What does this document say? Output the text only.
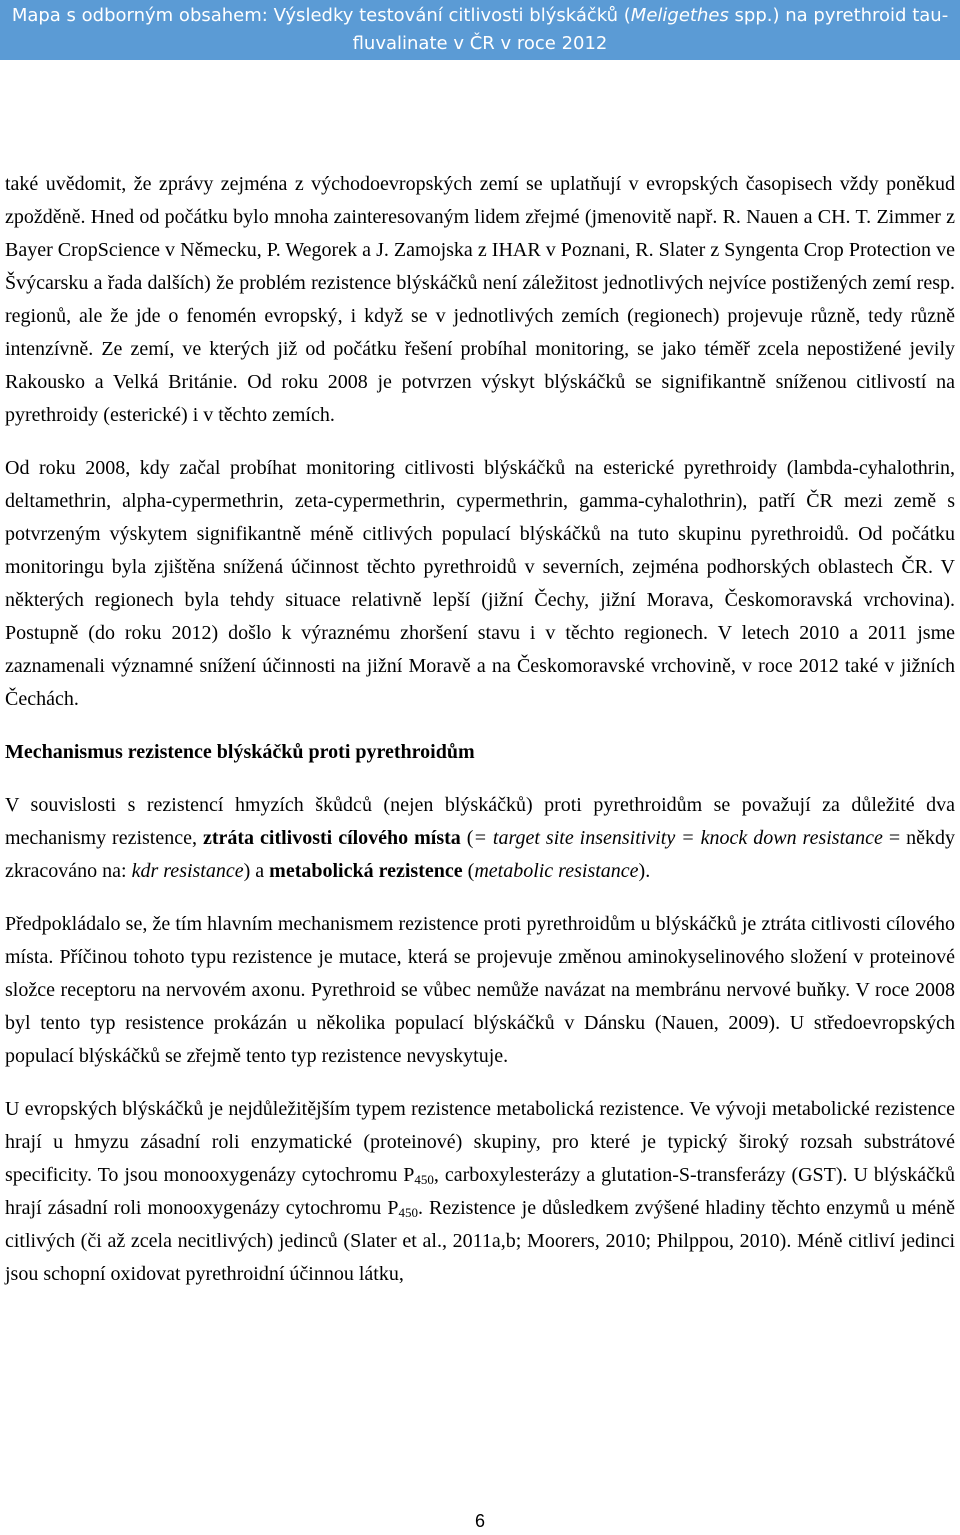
Mapa s odborným obsahem: Výsledky testování citlivosti blýskáčků (Meligethes spp.) na pyrethroid tau-
fluvalinate v ČR v roce 2012

také uvědomit, že zprávy zejména z východoevropských zemí se uplatňují v evropských časopisech vždy poněkud zpožděně. Hned od počátku bylo mnoha zainteresovaným lidem zřejmé (jmenovitě např. R. Nauen a CH. T. Zimmer z Bayer CropScience v Německu, P. Wegorek a J. Zamojska z IHAR v Poznani, R. Slater z Syngenta Crop Protection ve Švýcarsku a řada dalších) že problém rezistence blýskáčků není záležitost jednotlivých nejvíce postižených zemí resp. regionů, ale že jde o fenomén evropský, i když se v jednotlivých zemích (regionech) projevuje různě, tedy různě intenzívně. Ze zemí, ve kterých již od počátku řešení probíhal monitoring, se jako téměř zcela nepostižené jevily Rakousko a Velká Británie. Od roku 2008 je potvrzen výskyt blýskáčků se signifikantně sníženou citlivostí na pyrethroidy (esterické) i v těchto zemích.

Od roku 2008, kdy začal probíhat monitoring citlivosti blýskáčků na esterické pyrethroidy (lambda-cyhalothrin, deltamethrin, alpha-cypermethrin, zeta-cypermethrin, cypermethrin, gamma-cyhalothrin), patří ČR mezi země s potvrzeným výskytem signifikantně méně citlivých populací blýskáčků na tuto skupinu pyrethroidů. Od počátku monitoringu byla zjištěna snížená účinnost těchto pyrethroidů v severních, zejména podhorských oblastech ČR. V některých regionech byla tehdy situace relativně lepší (jižní Čechy, jižní Morava, Českomoravská vrchovina). Postupně (do roku 2012) došlo k výraznému zhoršení stavu i v těchto regionech. V letech 2010 a 2011 jsme zaznamenali významné snížení účinnosti na jižní Moravě a na Českomoravské vrchovině, v roce 2012 také v jižních Čechách.

Mechanismus rezistence blýskáčků proti pyrethroidům

V souvislosti s rezistencí hmyzích škůdců (nejen blýskáčků) proti pyrethroidům se považují za důležité dva mechanismy rezistence, ztráta citlivosti cílového místa (= target site insensitivity = knock down resistance = někdy zkracováno na: kdr resistance) a metabolická rezistence (metabolic resistance).

Předpokládalo se, že tím hlavním mechanismem rezistence proti pyrethroidům u blýskáčků je ztráta citlivosti cílového místa. Příčinou tohoto typu rezistence je mutace, která se projevuje změnou aminokyselinového složení v proteinové složce receptoru na nervovém axonu. Pyrethroid se vůbec nemůže navázat na membránu nervové buňky. V roce 2008 byl tento typ resistence prokázán u několika populací blýskáčků v Dánsku (Nauen, 2009). U středoevropských populací blýskáčků se zřejmě tento typ rezistence nevyskytuje.

U evropských blýskáčků je nejdůležitějším typem rezistence metabolická rezistence. Ve vývoji metabolické rezistence hrají u hmyzu zásadní roli enzymatické (proteinové) skupiny, pro které je typický široký rozsah substrátové specificity. To jsou monooxygenázy cytochromu $P_{450}$, carboxylesterázy a glutation-S-transferázy (GST). U blýskáčků hrají zásadní roli monooxygenázy cytochromu $P_{450}$. Rezistence je důsledkem zvýšené hladiny těchto enzymů u méně citlivých (či až zcela necitlivých) jedinců (Slater et al., 2011a,b; Moorers, 2010; Philppou, 2010). Méně citliví jedinci jsou schopní oxidovat pyrethroidní účinnou látku,

6
